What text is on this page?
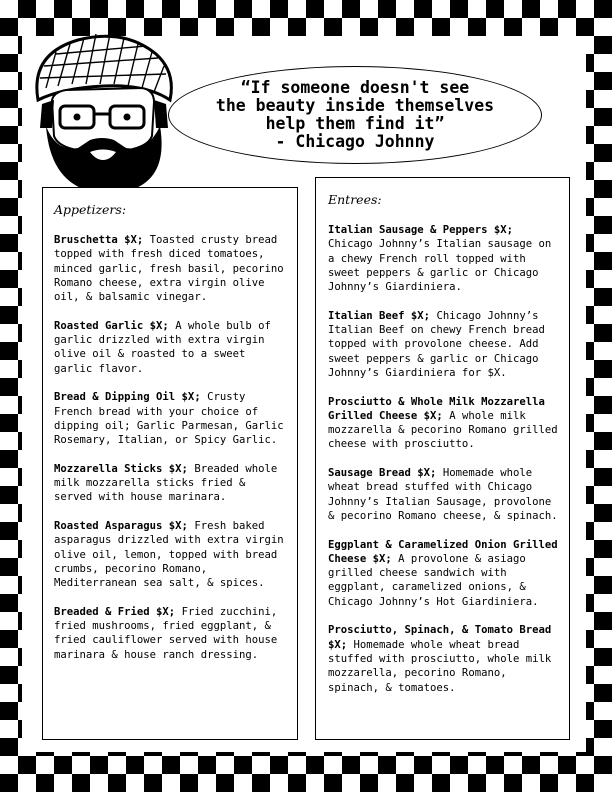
“If someone doesn't see
the beauty inside themselves
help them find it”
- Chicago Johnny

Appetizers:

Bruschetta $X; Toasted crusty bread topped with fresh diced tomatoes, minced garlic, fresh basil, pecorino Romano cheese, extra virgin olive oil, & balsamic vinegar.

Roasted Garlic $X; A whole bulb of garlic drizzled with extra virgin olive oil & roasted to a sweet garlic flavor.

Bread & Dipping Oil $X; Crusty French bread with your choice of dipping oil; Garlic Parmesan, Garlic Rosemary, Italian, or Spicy Garlic.

Mozzarella Sticks $X; Breaded whole milk mozzarella sticks fried & served with house marinara.

Roasted Asparagus $X; Fresh baked asparagus drizzled with extra virgin olive oil, lemon, topped with bread crumbs, pecorino Romano, Mediterranean sea salt, & spices.

Breaded & Fried $X; Fried zucchini, fried mushrooms, fried eggplant, & fried cauliflower served with house marinara & house ranch dressing.

Entrees:

Italian Sausage & Peppers $X; Chicago Johnny’s Italian sausage on a chewy French roll topped with sweet peppers & garlic or Chicago Johnny’s Giardiniera.

Italian Beef $X; Chicago Johnny’s Italian Beef on chewy French bread topped with provolone cheese. Add sweet peppers & garlic or Chicago Johnny’s Giardiniera for $X.

Prosciutto & Whole Milk Mozzarella Grilled Cheese $X; A whole milk mozzarella & pecorino Romano grilled cheese with prosciutto.

Sausage Bread $X; Homemade whole wheat bread stuffed with Chicago Johnny’s Italian Sausage, provolone & pecorino Romano cheese, & spinach.

Eggplant & Caramelized Onion Grilled Cheese $X; A provolone & asiago grilled cheese sandwich with eggplant, caramelized onions, & Chicago Johnny’s Hot Giardiniera.

Prosciutto, Spinach, & Tomato Bread $X; Homemade whole wheat bread stuffed with prosciutto, whole milk mozzarella, pecorino Romano, spinach, & tomatoes.
